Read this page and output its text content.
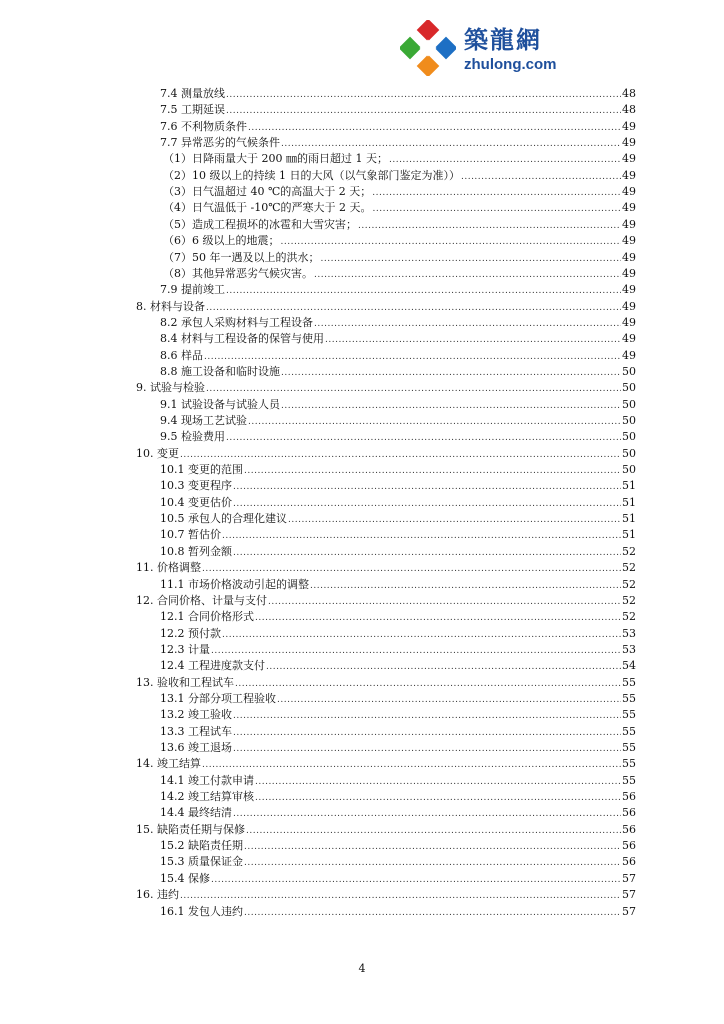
築龍網
zhulong.com
7.4 测量放线 .....	48
7.5 工期延误 .....	48
7.6 不利物质条件 .....	49
7.7 异常恶劣的气候条件 .....	49
（1）日降雨量大于 200 ㎜的雨日超过 1 天； .....	49
（2）10 级以上的持续 1 日的大风（以气象部门鉴定为准）） .....	49
（3）日气温超过 40 ℃的高温大于 2 天； .....	49
（4）日气温低于 -10℃的严寒大于 2 天。 .....	49
（5）造成工程损坏的冰雹和大雪灾害； .....	49
（6）6 级以上的地震； .....	49
（7）50 年一遇及以上的洪水； .....	49
（8）其他异常恶劣气候灾害。 .....	49
7.9 提前竣工 .....	49
8. 材料与设备 .....	49
8.2 承包人采购材料与工程设备 .....	49
8.4 材料与工程设备的保管与使用 .....	49
8.6 样品 .....	49
8.8 施工设备和临时设施 .....	50
9. 试验与检验 .....	50
9.1 试验设备与试验人员 .....	50
9.4 现场工艺试验 .....	50
9.5 检验费用 .....	50
10. 变更 .....	50
10.1 变更的范围 .....	50
10.3 变更程序 .....	51
10.4 变更估价 .....	51
10.5 承包人的合理化建议 .....	51
10.7 暂估价 .....	51
10.8 暂列金额 .....	52
11. 价格调整 .....	52
11.1 市场价格波动引起的调整 .....	52
12. 合同价格、计量与支付 .....	52
12.1 合同价格形式 .....	52
12.2 预付款 .....	53
12.3 计量 .....	53
12.4 工程进度款支付 .....	54
13. 验收和工程试车 .....	55
13.1 分部分项工程验收 .....	55
13.2 竣工验收 .....	55
13.3 工程试车 .....	55
13.6 竣工退场 .....	55
14. 竣工结算 .....	55
14.1 竣工付款申请 .....	55
14.2 竣工结算审核 .....	56
14.4 最终结清 .....	56
15. 缺陷责任期与保修 .....	56
15.2 缺陷责任期 .....	56
15.3 质量保证金 .....	56
15.4 保修 .....	57
16. 违约 .....	57
16.1 发包人违约 .....	57
4
